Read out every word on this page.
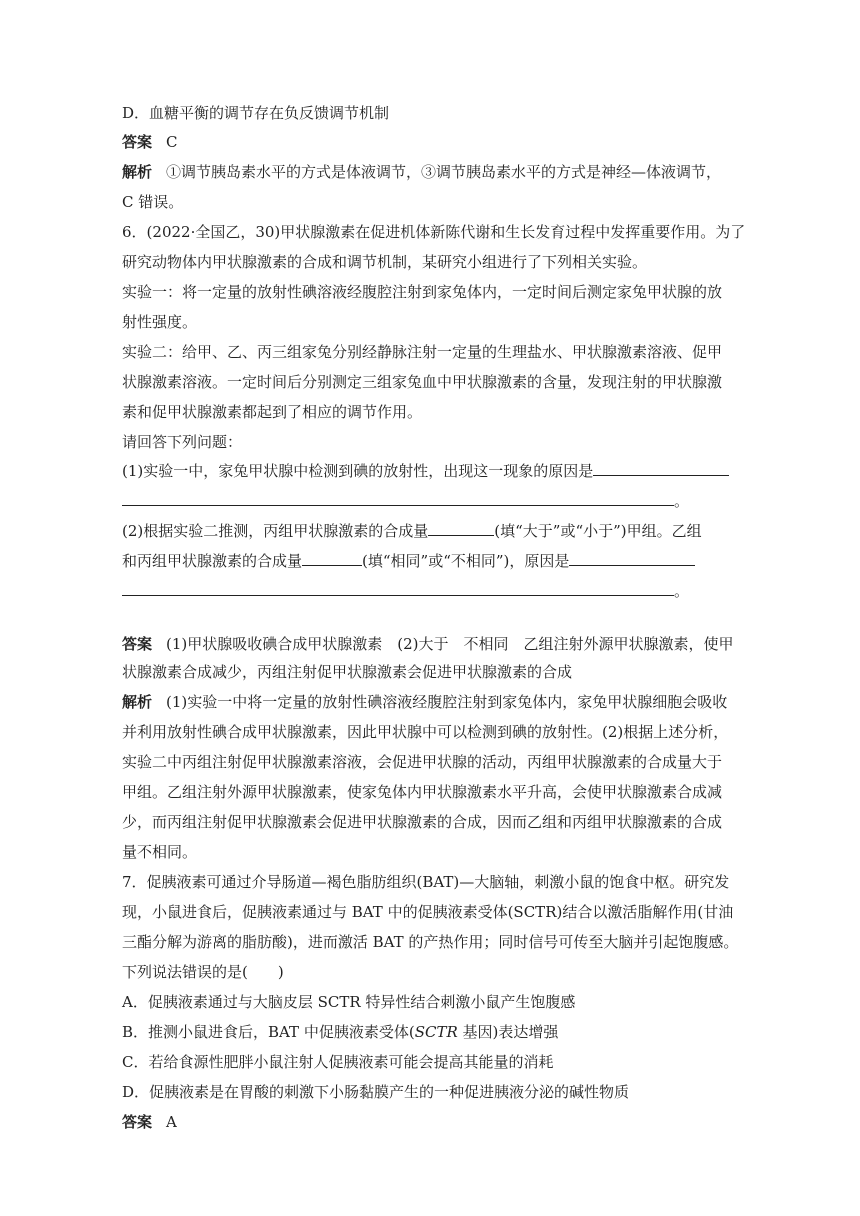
D．血糖平衡的调节存在负反馈调节机制
答案 C
解析 ①调节胰岛素水平的方式是体液调节，③调节胰岛素水平的方式是神经—体液调节，
C 错误。
6．(2022·全国乙，30)甲状腺激素在促进机体新陈代谢和生长发育过程中发挥重要作用。为了
研究动物体内甲状腺激素的合成和调节机制，某研究小组进行了下列相关实验。
实验一：将一定量的放射性碘溶液经腹腔注射到家兔体内，一定时间后测定家兔甲状腺的放
射性强度。
实验二：给甲、乙、丙三组家兔分别经静脉注射一定量的生理盐水、甲状腺激素溶液、促甲
状腺激素溶液。一定时间后分别测定三组家兔血中甲状腺激素的含量，发现注射的甲状腺激
素和促甲状腺激素都起到了相应的调节作用。
请回答下列问题：
(1)实验一中，家兔甲状腺中检测到碘的放射性，出现这一现象的原因是
。
(2)根据实验二推测，丙组甲状腺激素的合成量	(填“大于”或“小于”)甲组。乙组
和丙组甲状腺激素的合成量	(填“相同”或“不相同”)，原因是
。
答案 (1)甲状腺吸收碘合成甲状腺激素　(2)大于　不相同　乙组注射外源甲状腺激素，使甲
状腺激素合成减少，丙组注射促甲状腺激素会促进甲状腺激素的合成
解析 (1)实验一中将一定量的放射性碘溶液经腹腔注射到家兔体内，家兔甲状腺细胞会吸收
并利用放射性碘合成甲状腺激素，因此甲状腺中可以检测到碘的放射性。(2)根据上述分析，
实验二中丙组注射促甲状腺激素溶液，会促进甲状腺的活动，丙组甲状腺激素的合成量大于
甲组。乙组注射外源甲状腺激素，使家兔体内甲状腺激素水平升高，会使甲状腺激素合成减
少，而丙组注射促甲状腺激素会促进甲状腺激素的合成，因而乙组和丙组甲状腺激素的合成
量不相同。
7．促胰液素可通过介导肠道—褐色脂肪组织(BAT)—大脑轴，刺激小鼠的饱食中枢。研究发
现，小鼠进食后，促胰液素通过与 BAT 中的促胰液素受体(SCTR)结合以激活脂解作用(甘油
三酯分解为游离的脂肪酸)，进而激活 BAT 的产热作用；同时信号可传至大脑并引起饱腹感。
下列说法错误的是(　　)
A．促胰液素通过与大脑皮层 SCTR 特异性结合刺激小鼠产生饱腹感
B．推测小鼠进食后，BAT 中促胰液素受体(SCTR 基因)表达增强
C．若给食源性肥胖小鼠注射人促胰液素可能会提高其能量的消耗
D．促胰液素是在胃酸的刺激下小肠黏膜产生的一种促进胰液分泌的碱性物质
答案 A
